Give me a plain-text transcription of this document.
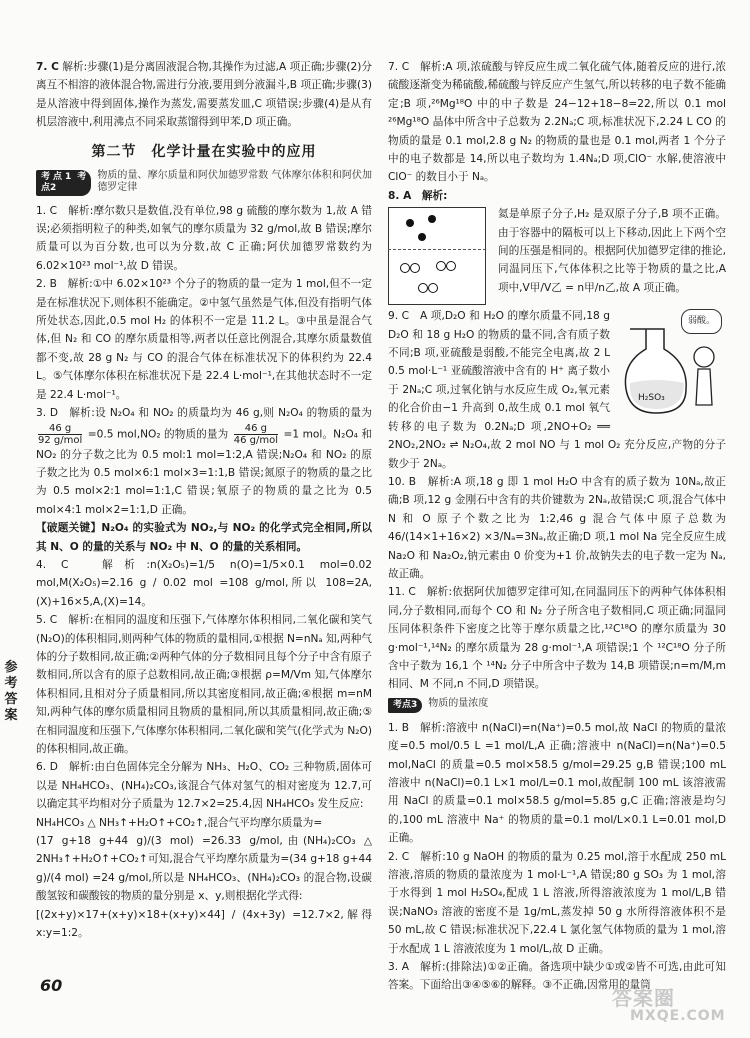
7. C 解析:步骤(1)是分离固液混合物,其操作为过滤,A 项正确;步骤(2)分离互不相溶的液体混合物,需进行分液,要用到分液漏斗,B 项正确;步骤(3)是从溶液中得到固体,操作为蒸发,需要蒸发皿,C 项错误;步骤(4)是从有机层溶液中,利用沸点不同采取蒸馏得到甲苯,D 项正确。
第二节　化学计量在实验中的应用
考点1 考点2
物质的量、摩尔质量和阿伏加德罗常数 气体摩尔体积和阿伏加德罗定律
1. C　解析:摩尔数只是数值,没有单位,98 g 硫酸的摩尔数为 1,故 A 错误;必须指明粒子的种类,如氧气的摩尔质量为 32 g/mol,故 B 错误;摩尔质量可以为百分数,也可以为分数,故 C 正确;阿伏加德罗常数约为 6.02×10²³ mol⁻¹,故 D 错误。
2. B　解析:①中 6.02×10²³ 个分子的物质的量一定为 1 mol,但不一定是在标准状况下,则体积不能确定。②中氢气虽然是气体,但没有指明气体所处状态,因此,0.5 mol H₂ 的体积不一定是 11.2 L。③中虽是混合气体,但 N₂ 和 CO 的摩尔质量相等,两者以任意比例混合,其摩尔质量数值都不变,故 28 g N₂ 与 CO 的混合气体在标准状况下的体积约为 22.4 L。⑤气体摩尔体积在标准状况下是 22.4 L·mol⁻¹,在其他状态时不一定是 22.4 L·mol⁻¹。
3. D　解析:设 N₂O₄ 和 NO₂ 的质量均为 46 g,则 N₂O₄ 的物质的量为
$\frac{46 g}{\text{92 g/mol}} =0.5$ mol,NO₂ 的物质的量为 $\frac{46 g}{\text{46 g/mol}} =1$ mol。N₂O₄ 和 NO₂ 的分子数之比为 0.5 mol:1 mol=1:2,A 错误;N₂O₄ 和 NO₂ 的原子数之比为 0.5 mol×6:1 mol×3=1:1,B 错误;氮原子的物质的量之比为 0.5 mol×2:1 mol=1:1,C 错误;氧原子的物质的量之比为 0.5 mol×4:1 mol×2=1:1,D 正确。
【破题关键】N₂O₄ 的实验式为 NO₂,与 NO₂ 的化学式完全相同,所以其 N、O 的量的关系与 NO₂ 中 N、O 的量的关系相同。
4. C　解析:n(X₂O₅)=1/5 n(O)=1/5×0.1 mol=0.02 mol,M(X₂O₅)=2.16 g / 0.02 mol =108 g/mol,所以 108=2A,(X)+16×5,A,(X)=14。
5. C　解析:在相同的温度和压强下,气体摩尔体积相同,二氧化碳和笑气(N₂O)的体积相同,则两种气体的物质的量相同,①根据 N=nNₐ 知,两种气体的分子数相同,故正确;②两种气体的分子数相同且每个分子中含有原子数相同,所以含有的原子总数相同,故正确;③根据 ρ=M/Vm 知,气体摩尔体积相同,且相对分子质量相同,所以其密度相同,故正确;④根据 m=nM 知,两种气体的摩尔质量相同且物质的量相同,所以其质量相同,故正确;⑤在相同温度和压强下,气体摩尔体积相同,二氧化碳和笑气(化学式为 N₂O)的体积相同,故正确。
6. D　解析:由白色固体完全分解为 NH₃、H₂O、CO₂ 三种物质,固体可以是 NH₄HCO₃、(NH₄)₂CO₃,该混合气体对氢气的相对密度为 12.7,可以确定其平均相对分子质量为 12.7×2=25.4,因 NH₄HCO₃ 发生反应:
NH₄HCO₃ △ NH₃↑+H₂O↑+CO₂↑,混合气平均摩尔质量为=
(17 g+18 g+44 g)/(3 mol) =26.33 g/mol,由(NH₄)₂CO₃ △ 2NH₃↑+H₂O↑+CO₂↑可知,混合气平均摩尔质量为=(34 g+18 g+44 g)/(4 mol) =24 g/mol,所以是 NH₄HCO₃、(NH₄)₂CO₃ 的混合物,设碳酸氢铵和碳酸铵的物质的量分别是 x、y,则根据化学式得:
[(2x+y)×17+(x+y)×18+(x+y)×44] / (4x+3y) =12.7×2,解得 x:y=1:2。
7. C　解析:A 项,浓硫酸与锌反应生成二氧化硫气体,随着反应的进行,浓硫酸逐渐变为稀硫酸,稀硫酸与锌反应产生氢气,所以转移的电子数不能确定;B 项,²⁶Mg¹⁸O 中的中子数是 24−12+18−8=22,所以 0.1 mol ²⁶Mg¹⁸O 晶体中所含中子总数为 2.2Nₐ;C 项,标准状况下,2.24 L CO 的物质的量是 0.1 mol,2.8 g N₂ 的物质的量也是 0.1 mol,两者 1 个分子中的电子数都是 14,所以电子数均为 1.4Nₐ;D 项,ClO⁻ 水解,使溶液中 ClO⁻ 的数目小于 Nₐ。
8. A　解析:
氦是单原子分子,H₂ 是双原子分子,B 项不正确。由于容器中的隔板可以上下移动,因此上下两个空间的压强是相同的。根据阿伏加德罗定律的推论,同温同压下,气体体积之比等于物质的量之比,A 项中,V甲/V乙 = n甲/n乙,故 A 项正确。
弱酸。
H₂SO₃
9. C　A 项,D₂O 和 H₂O 的摩尔质量不同,18 g D₂O 和 18 g H₂O 的物质的量不同,含有质子数不同;B 项,亚硫酸是弱酸,不能完全电离,故 2 L 0.5 mol·L⁻¹ 亚硫酸溶液中含有的 H⁺ 离子数小于 2Nₐ;C 项,过氧化钠与水反应生成 O₂,氧元素的化合价由−1 升高到 0,故生成 0.1 mol 氧气转移的电子数为 0.2Nₐ;D 项,2NO+O₂ ══ 2NO₂,2NO₂ ⇌ N₂O₄,故 2 mol NO 与 1 mol O₂ 充分反应,产物的分子数少于 2Nₐ。
10. B　解析:A 项,18 g 即 1 mol H₂O 中含有的质子数为 10Nₐ,故正确;B 项,12 g 金刚石中含有的共价键数为 2Nₐ,故错误;C 项,混合气体中 N 和 O 原子个数之比为 1:2,46 g 混合气体中原子总数为 46/(14×1+16×2) ×3/Nₐ=3Nₐ,故正确;D 项,1 mol Na 完全反应生成 Na₂O 和 Na₂O₂,钠元素由 0 价变为+1 价,故钠失去的电子数一定为 Nₐ,故正确。
11. C　解析:依据阿伏加德罗定律可知,在同温同压下的两种气体体积相同,分子数相同,而每个 CO 和 N₂ 分子所含电子数相同,C 项正确;同温同压同体积条件下密度之比等于摩尔质量之比,¹²C¹⁸O 的摩尔质量为 30 g·mol⁻¹,¹⁴N₂ 的摩尔质量为 28 g·mol⁻¹,A 项错误;1 个 ¹²C¹⁸O 分子所含中子数为 16,1 个 ¹⁴N₂ 分子中所含中子数为 14,B 项错误;n=m/M,m 相同、M 不同,n 不同,D 项错误。
考点3	物质的量浓度
1. B　解析:溶液中 n(NaCl)=n(Na⁺)=0.5 mol,故 NaCl 的物质的量浓度=0.5 mol/0.5 L =1 mol/L,A 正确;溶液中 n(NaCl)=n(Na⁺)=0.5 mol,NaCl 的质量=0.5 mol×58.5 g/mol=29.25 g,B 错误;100 mL 溶液中 n(NaCl)=0.1 L×1 mol/L=0.1 mol,故配制 100 mL 该溶液需用 NaCl 的质量=0.1 mol×58.5 g/mol=5.85 g,C 正确;溶液是均匀的,100 mL 溶液中 Na⁺ 的物质的量=0.1 mol/L×0.1 L=0.01 mol,D 正确。
2. C　解析:10 g NaOH 的物质的量为 0.25 mol,溶于水配成 250 mL 溶液,溶质的物质的量浓度为 1 mol·L⁻¹,A 错误;80 g SO₃ 为 1 mol,溶于水得到 1 mol H₂SO₄,配成 1 L 溶液,所得溶液浓度为 1 mol/L,B 错误;NaNO₃ 溶液的密度不是 1g/mL,蒸发掉 50 g 水所得溶液体积不是 50 mL,故 C 错误;标准状况下,22.4 L 氯化氢气体物质的量为 1 mol,溶于水配成 1 L 溶液浓度为 1 mol/L,故 D 正确。
3. A　解析:(排除法)①②正确。备选项中缺少①或②皆不可选,由此可知答案。下面给出③④⑤⑥的解释。③不正确,因常用的量筒
参考答案
60
答案圈
MXQE.COM
